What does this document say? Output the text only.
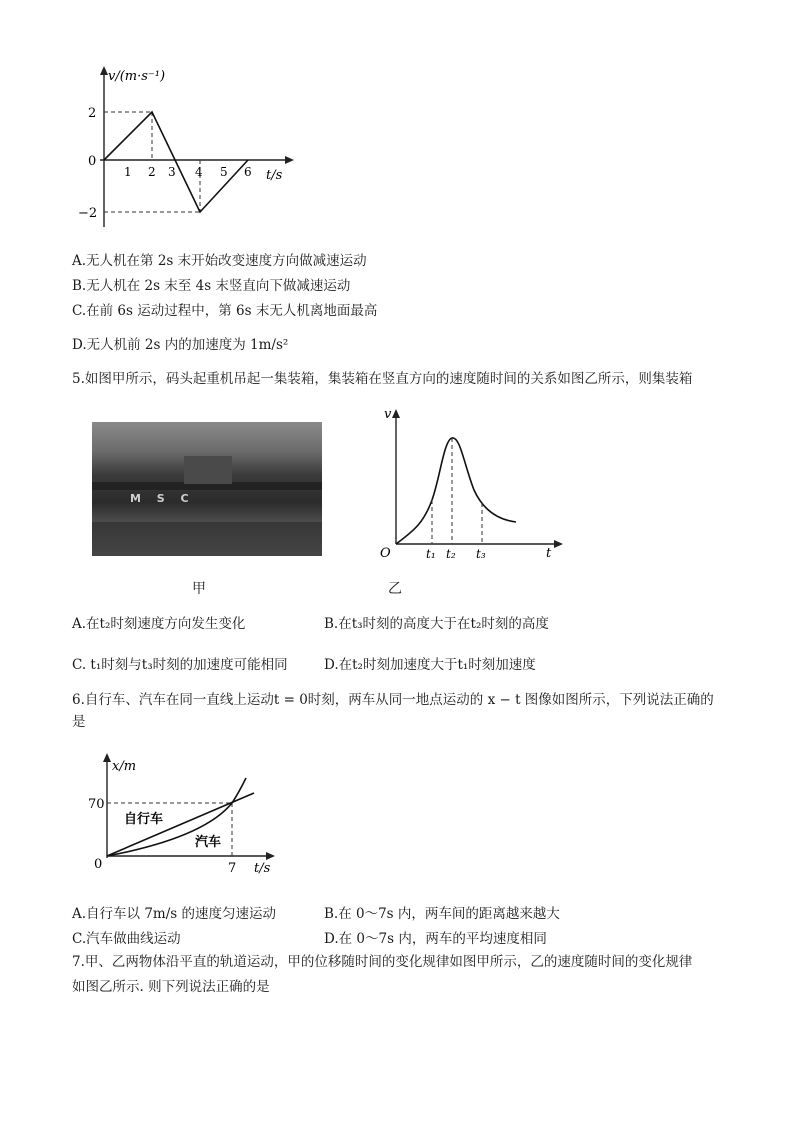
v/(m·s⁻¹)
t/s
2
0
−2
1 2 3 4 5 6
A.无人机在第 2s 末开始改变速度方向做减速运动
B.无人机在 2s 末至 4s 末竖直向下做减速运动
C.在前 6s 运动过程中，第 6s 末无人机离地面最高
D.无人机前 2s 内的加速度为 1m/s²
5.如图甲所示，码头起重机吊起一集装箱，集装箱在竖直方向的速度随时间的关系如图乙所示，则集装箱
M S C
v
t
O	t₁ t₂ t₃
甲	乙
A.在t₂时刻速度方向发生变化	B.在t₃时刻的高度大于在t₂时刻的高度
C. t₁时刻与t₃时刻的加速度可能相同	D.在t₂时刻加速度大于t₁时刻加速度
6.自行车、汽车在同一直线上运动t = 0时刻，两车从同一地点运动的 x − t 图像如图所示，下列说法正确的
是
x/m
t/s
70
0	7
自行车
汽车
A.自行车以 7m/s 的速度匀速运动	B.在 0～7s 内，两车间的距离越来越大
C.汽车做曲线运动	D.在 0～7s 内，两车的平均速度相同
7.甲、乙两物体沿平直的轨道运动，甲的位移随时间的变化规律如图甲所示，乙的速度随时间的变化规律
如图乙所示. 则下列说法正确的是
